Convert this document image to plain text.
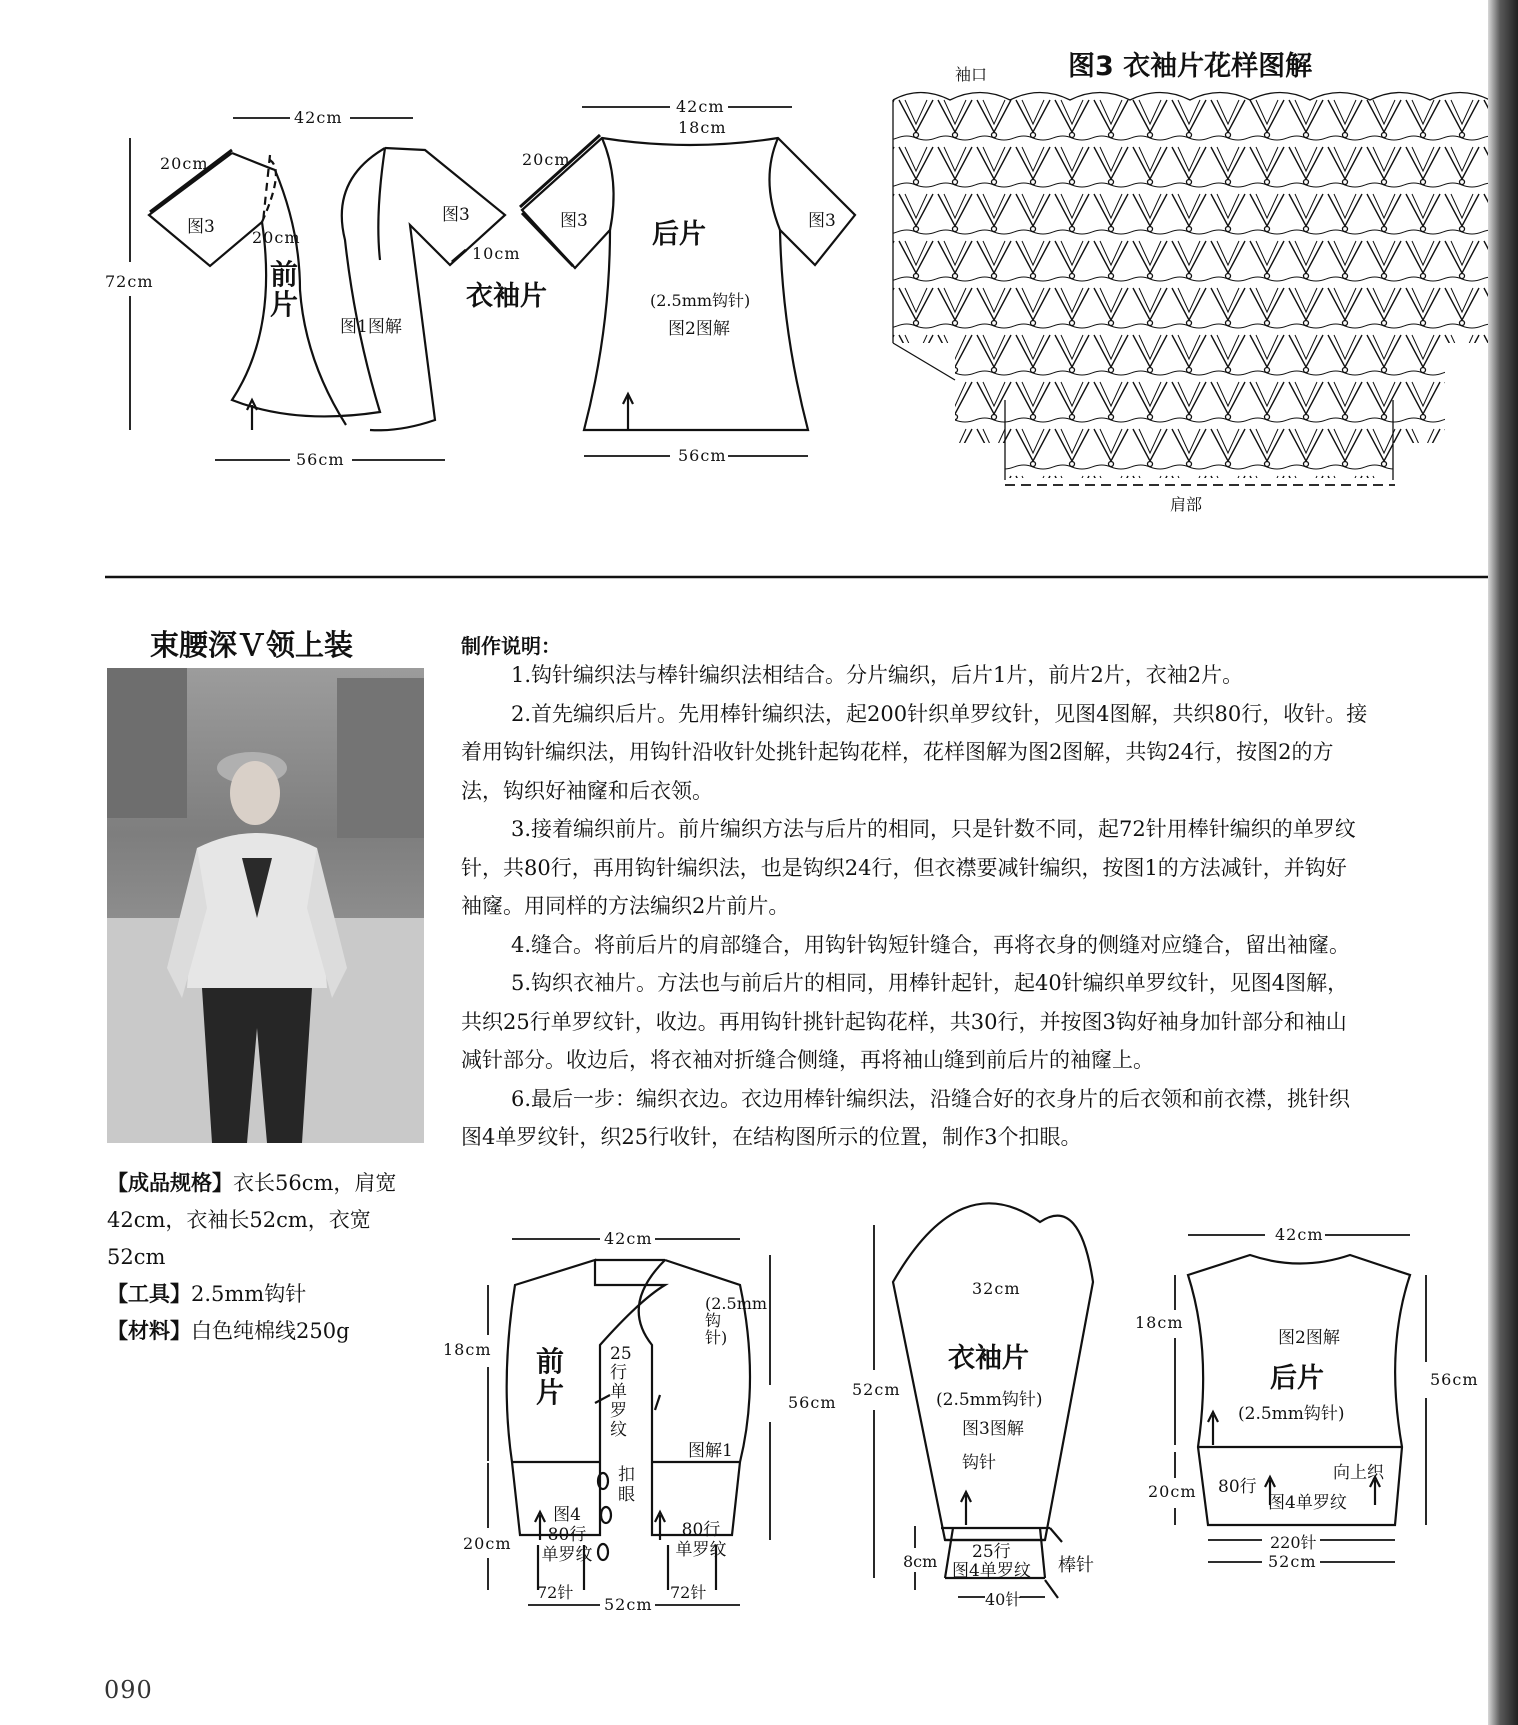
图3 衣袖片花样图解
袖口
肩部
42cm
20cm
20cm
72cm
56cm
前片
图3
图3
图1图解
衣袖片
42cm
18cm
20cm
10cm
56cm
后片
(2.5mm钩针)
图2图解
图3	图3
束腰深Ｖ领上装
【成品规格】衣长56cm，肩宽
42cm，衣袖长52cm，衣宽
52cm
【工具】2.5mm钩针
【材料】白色纯棉线250g
制作说明：

1.钩针编织法与棒针编织法相结合。分片编织，后片1片，前片2片，衣袖2片。

2.首先编织后片。先用棒针编织法，起200针织单罗纹针，见图4图解，共织80行，收针。接

着用钩针编织法，用钩针沿收针处挑针起钩花样，花样图解为图2图解，共钩24行，按图2的方

法，钩织好袖窿和后衣领。

3.接着编织前片。前片编织方法与后片的相同，只是针数不同，起72针用棒针编织的单罗纹

针，共80行，再用钩针编织法，也是钩织24行，但衣襟要减针编织，按图1的方法减针，并钩好

袖窿。用同样的方法编织2片前片。

4.缝合。将前后片的肩部缝合，用钩针钩短针缝合，再将衣身的侧缝对应缝合，留出袖窿。

5.钩织衣袖片。方法也与前后片的相同，用棒针起针，起40针编织单罗纹针，见图4图解，

共织25行单罗纹针，收边。再用钩针挑针起钩花样，共30行，并按图3钩好袖身加针部分和袖山

减针部分。收边后，将衣袖对折缝合侧缝，再将袖山缝到前后片的袖窿上。

6.最后一步：编织衣边。衣边用棒针编织法，沿缝合好的衣身片的后衣领和前衣襟，挑针织

图4单罗纹针，织25行收针，在结构图所示的位置，制作3个扣眼。

42cm
18cm
20cm
56cm
前片
25行单罗纹
扣眼
(2.5mm钩针)
图解1
图4
80行
单罗纹
80行
单罗纹
72针	72针
52cm
32cm
52cm
8cm
衣袖片
(2.5mm钩针)
图3图解
钩针
25行
图4单罗纹 棒针
40针
42cm
18cm
20cm
56cm
图2图解
后片
(2.5mm钩针)
80行
向上织
图4单罗纹
220针
52cm
090
